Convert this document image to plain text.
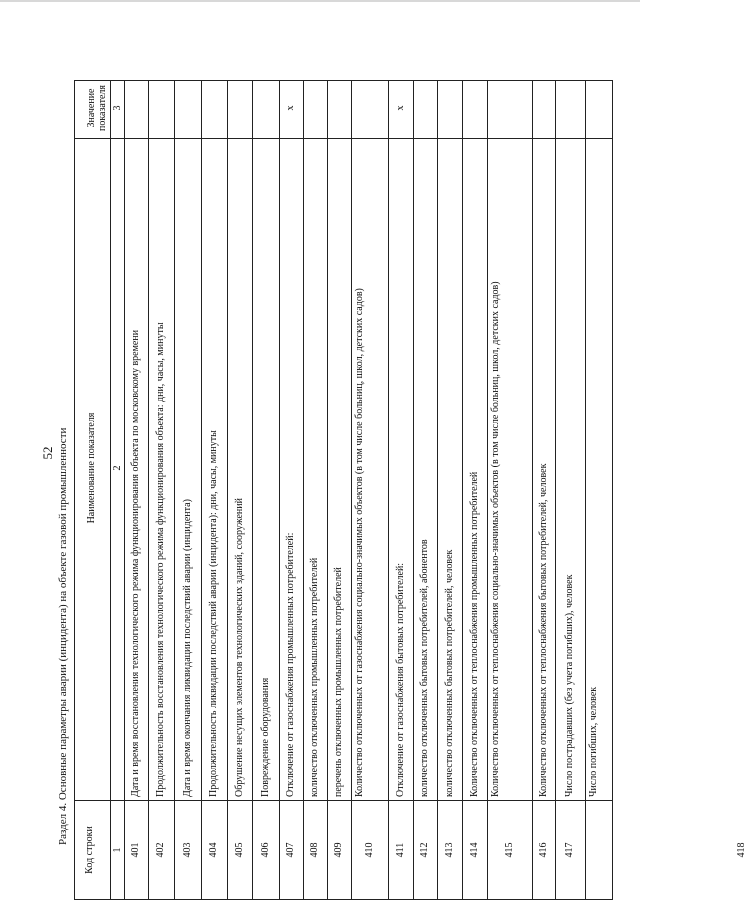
52 Раздел 4. Основные параметры аварии (инцидента) на объекте газовой промышленности
Код строки
Наименование показателя
Значение показателя
1
2
3
401
Дата и время восстановления технологического режима функционирования объекта по московскому времени
402
Продолжительность восстановления технологического режима функционирования объекта: дни, часы, минуты
403
Дата и время окончания ликвидации последствий аварии (инцидента)
404
Продолжительность ликвидации последствий аварии (инцидента): дни, часы, минуты
405
Обрушение несущих элементов технологических зданий, сооружений
406
Повреждение оборудования
407
Отключение от газоснабжения промышленных потребителей:
x
408
количество отключенных промышленных потребителей
409
перечень отключенных промышленных потребителей
410
Количество отключенных от газоснабжения социально-значимых объектов (в том числе больниц, школ, детских садов)
411
Отключение от газоснабжения бытовых потребителей:
x
412
количество отключенных бытовых потребителей, абонентов
413
количество отключенных бытовых потребителей, человек
414
Количество отключенных от теплоснабжения промышленных потребителей
415
Количество отключенных от теплоснабжения социально-значимых объектов (в том числе больниц, школ, детских садов)
416
Количество отключенных от теплоснабжения бытовых потребителей, человек
417
Число пострадавших (без учета погибших), человек
418
Число погибших, человек
